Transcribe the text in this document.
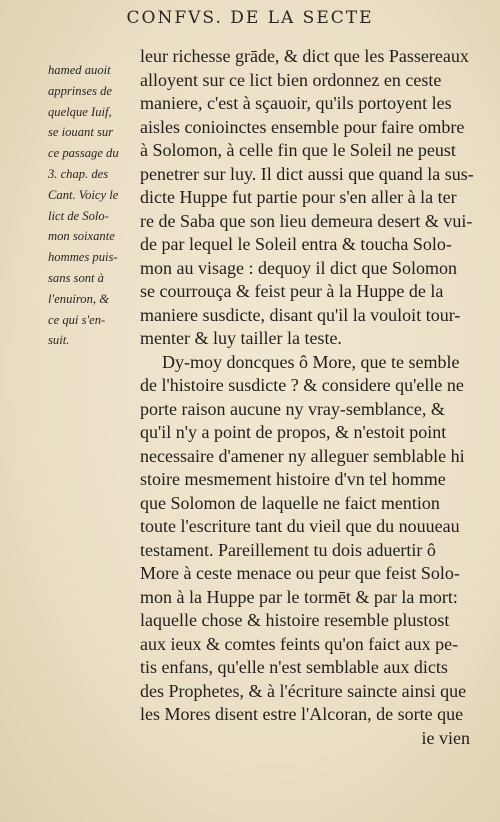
CONFVS. DE LA SECTE
hamed auoit
apprinses de
quelque Iuif,
se iouant sur
ce passage du
3. chap. des
Cant. Voicy le
lict de Solo-
mon soixante
hommes puis-
sans sont à
l'enuiron, &
ce qui s'en-
suit.
leur richesse grāde, & dict que les Passereaux
alloyent sur ce lict bien ordonnez en ceste
maniere, c'est à sçauoir, qu'ils portoyent les
aisles conioinctes ensemble pour faire ombre
à Solomon, à celle fin que le Soleil ne peust
penetrer sur luy. Il dict aussi que quand la sus-
dicte Huppe fut partie pour s'en aller à la ter
re de Saba que son lieu demeura desert & vui-
de par lequel le Soleil entra & toucha Solo-
mon au visage : dequoy il dict que Solomon
se courrouça & feist peur à la Huppe de la
maniere susdicte, disant qu'il la vouloit tour-
menter & luy tailler la teste.
Dy-moy doncques ô More, que te semble
de l'histoire susdicte ? & considere qu'elle ne
porte raison aucune ny vray-semblance, &
qu'il n'y a point de propos, & n'estoit point
necessaire d'amener ny alleguer semblable hi
stoire mesmement histoire d'vn tel homme
que Solomon de laquelle ne faict mention
toute l'escriture tant du vieil que du nouueau
testament. Pareillement tu dois aduertir ô
More à ceste menace ou peur que feist Solo-
mon à la Huppe par le tormēt & par la mort:
laquelle chose & histoire resemble plustost
aux ieux & comtes feints qu'on faict aux pe-
tis enfans, qu'elle n'est semblable aux dicts
des Prophetes, & à l'écriture saincte ainsi que
les Mores disent estre l'Alcoran, de sorte que
ie vien
